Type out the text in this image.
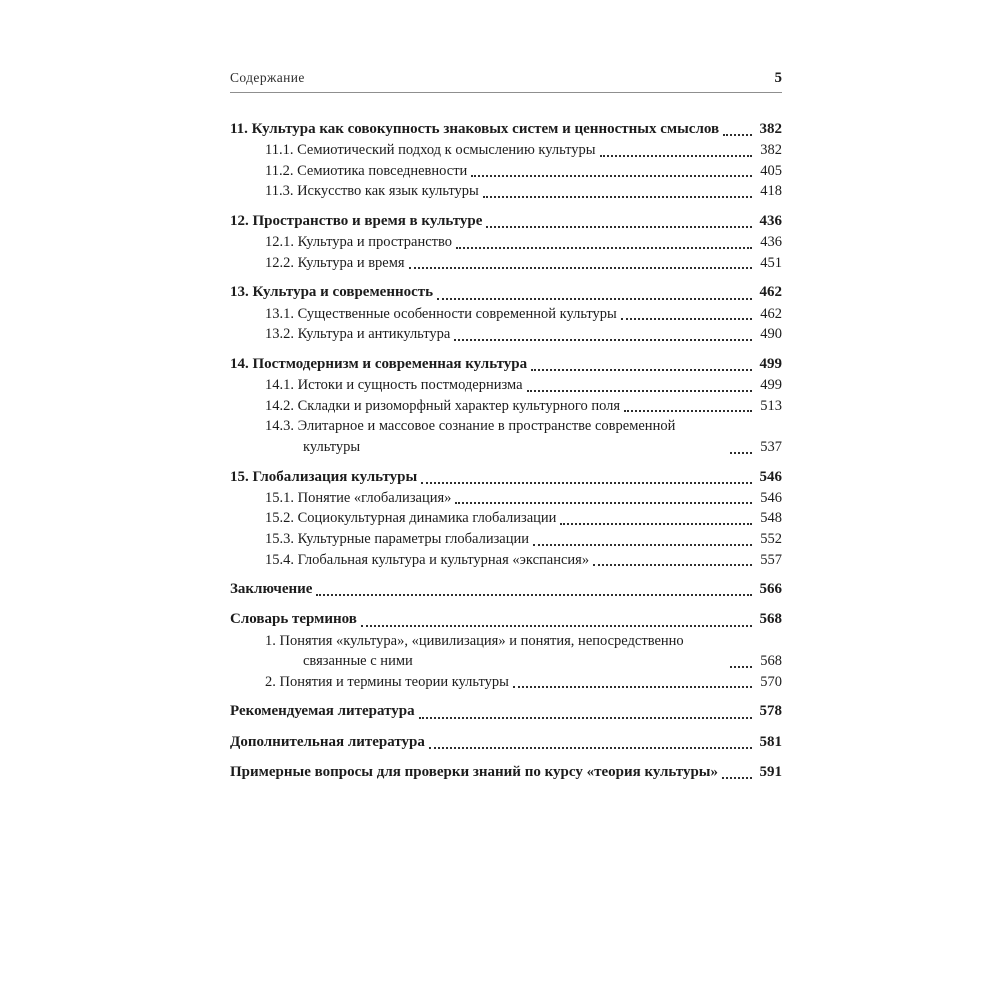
Содержание	5
11. Культура как совокупность знаковых систем и ценностных смыслов	382
11.1. Семиотический подход к осмыслению культуры	382
11.2. Семиотика повседневности	405
11.3. Искусство как язык культуры	418
12. Пространство и время в культуре	436
12.1. Культура и пространство	436
12.2. Культура и время	451
13. Культура и современность	462
13.1. Существенные особенности современной культуры	462
13.2. Культура и антикультура	490
14. Постмодернизм и современная культура	499
14.1. Истоки и сущность постмодернизма	499
14.2. Складки и ризоморфный характер культурного поля	513
14.3. Элитарное и массовое сознание в пространстве современной культуры	537
15. Глобализация культуры	546
15.1. Понятие «глобализация»	546
15.2. Социокультурная динамика глобализации	548
15.3. Культурные параметры глобализации	552
15.4. Глобальная культура и культурная «экспансия»	557
Заключение	566
Словарь терминов	568
1. Понятия «культура», «цивилизация» и понятия, непосредственно связанные с ними	568
2. Понятия и термины теории культуры	570
Рекомендуемая литература	578
Дополнительная литература	581
Примерные вопросы для проверки знаний по курсу «теория культуры»	591
